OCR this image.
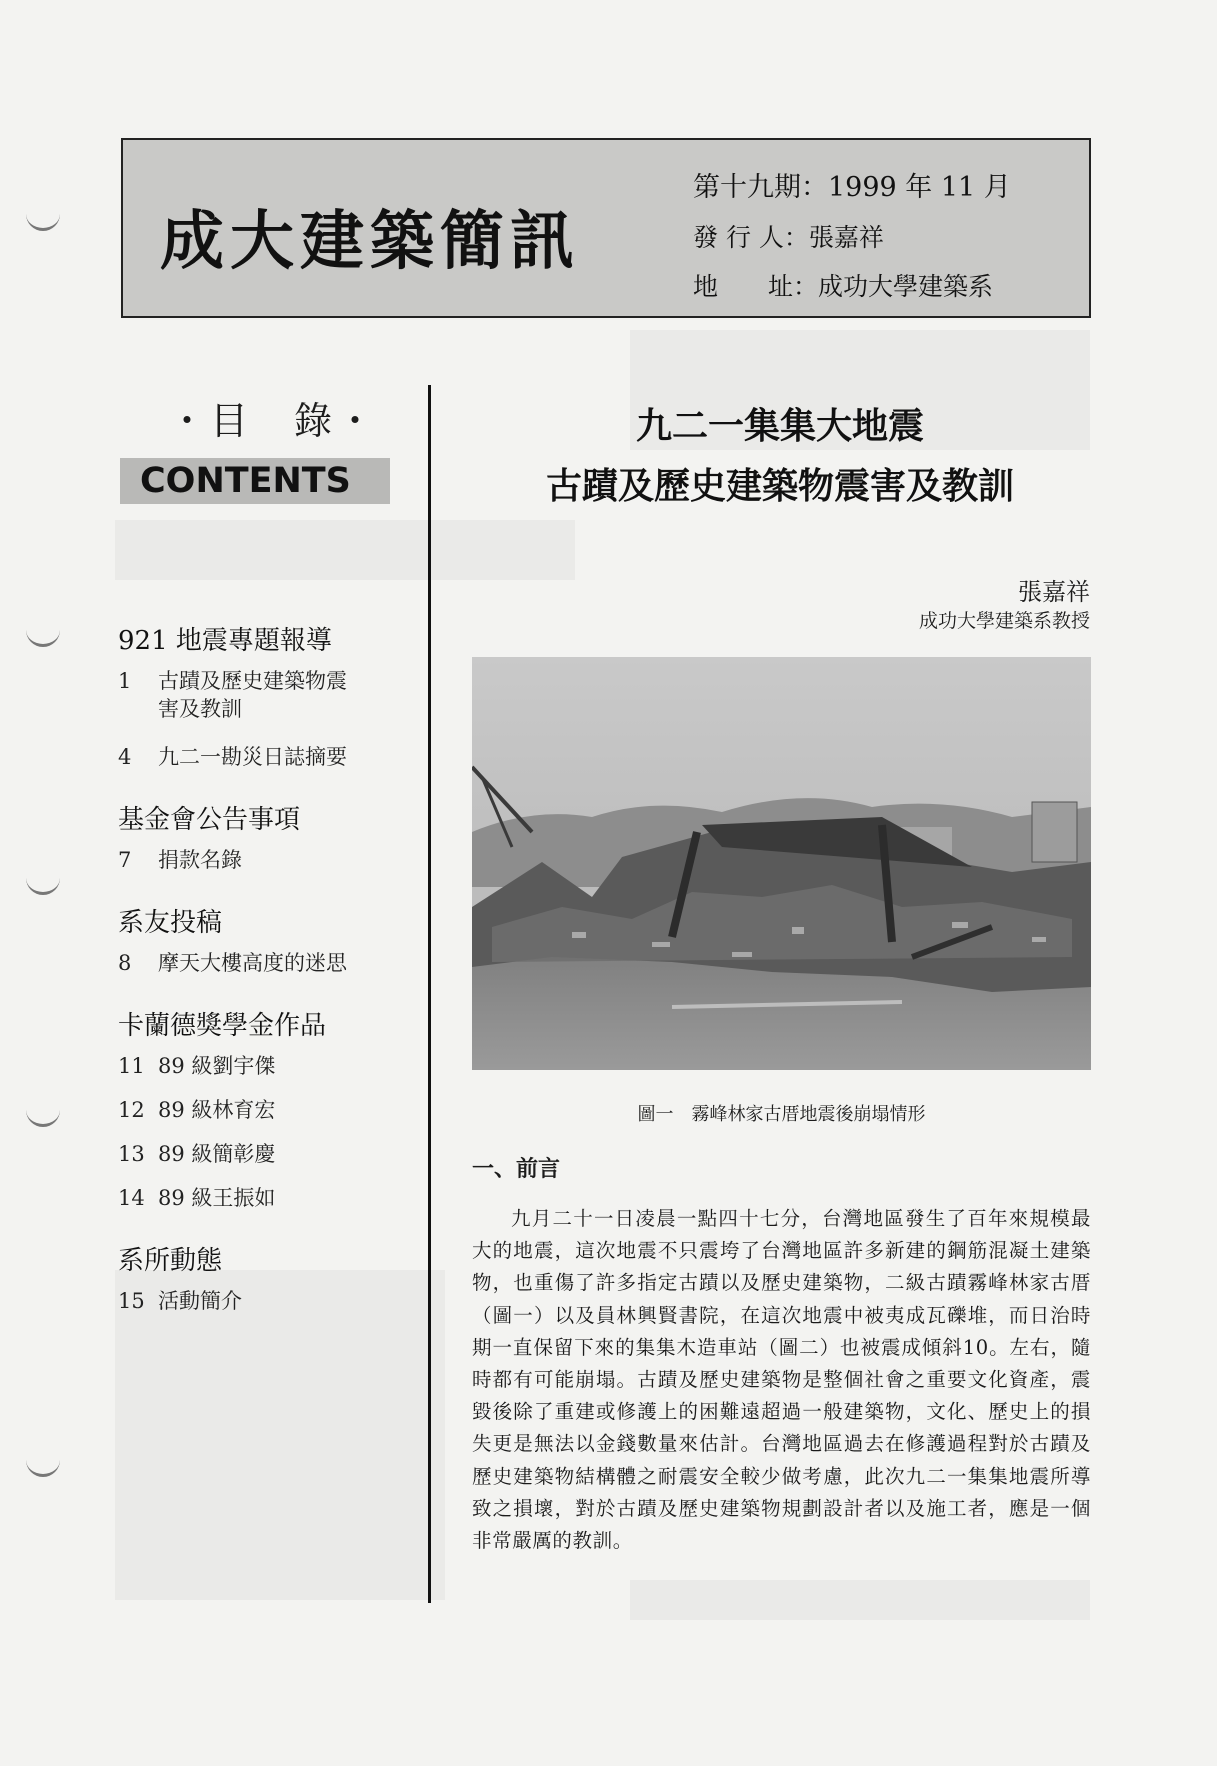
成大建築簡訊
第十九期：1999 年 11 月
發 行 人：張嘉祥
地　　址：成功大學建築系
・目　錄・
CONTENTS
921 地震專題報導
1	古蹟及歷史建築物震害及教訓
4	九二一勘災日誌摘要
基金會公告事項
7	捐款名錄
系友投稿
8	摩天大樓高度的迷思
卡蘭德獎學金作品
11 89 級劉宇傑
12 89 級林育宏
13 89 級簡彰慶
14 89 級王振如
系所動態
15 活動簡介
九二一集集大地震
古蹟及歷史建築物震害及教訓
張嘉祥
成功大學建築系教授
圖一　霧峰林家古厝地震後崩塌情形
一、前言
九月二十一日凌晨一點四十七分，台灣地區發生了百年來規模最大的地震，這次地震不只震垮了台灣地區許多新建的鋼筋混凝土建築物，也重傷了許多指定古蹟以及歷史建築物，二級古蹟霧峰林家古厝（圖一）以及員林興賢書院，在這次地震中被夷成瓦礫堆，而日治時期一直保留下來的集集木造車站（圖二）也被震成傾斜10。左右，隨時都有可能崩塌。古蹟及歷史建築物是整個社會之重要文化資產，震毀後除了重建或修護上的困難遠超過一般建築物，文化、歷史上的損失更是無法以金錢數量來估計。台灣地區過去在修護過程對於古蹟及歷史建築物結構體之耐震安全較少做考慮，此次九二一集集地震所導致之損壞，對於古蹟及歷史建築物規劃設計者以及施工者，應是一個非常嚴厲的教訓。
